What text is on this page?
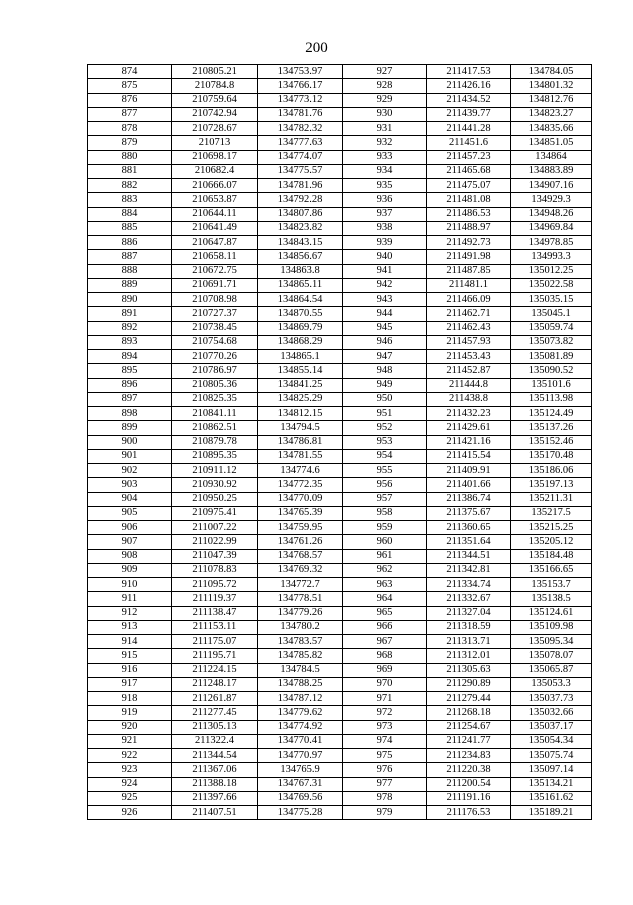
200
874	210805.21	134753.97	927	211417.53	134784.05
875	210784.8	134766.17	928	211426.16	134801.32
876	210759.64	134773.12	929	211434.52	134812.76
877	210742.94	134781.76	930	211439.77	134823.27
878	210728.67	134782.32	931	211441.28	134835.66
879	210713	134777.63	932	211451.6	134851.05
880	210698.17	134774.07	933	211457.23	134864
881	210682.4	134775.57	934	211465.68	134883.89
882	210666.07	134781.96	935	211475.07	134907.16
883	210653.87	134792.28	936	211481.08	134929.3
884	210644.11	134807.86	937	211486.53	134948.26
885	210641.49	134823.82	938	211488.97	134969.84
886	210647.87	134843.15	939	211492.73	134978.85
887	210658.11	134856.67	940	211491.98	134993.3
888	210672.75	134863.8	941	211487.85	135012.25
889	210691.71	134865.11	942	211481.1	135022.58
890	210708.98	134864.54	943	211466.09	135035.15
891	210727.37	134870.55	944	211462.71	135045.1
892	210738.45	134869.79	945	211462.43	135059.74
893	210754.68	134868.29	946	211457.93	135073.82
894	210770.26	134865.1	947	211453.43	135081.89
895	210786.97	134855.14	948	211452.87	135090.52
896	210805.36	134841.25	949	211444.8	135101.6
897	210825.35	134825.29	950	211438.8	135113.98
898	210841.11	134812.15	951	211432.23	135124.49
899	210862.51	134794.5	952	211429.61	135137.26
900	210879.78	134786.81	953	211421.16	135152.46
901	210895.35	134781.55	954	211415.54	135170.48
902	210911.12	134774.6	955	211409.91	135186.06
903	210930.92	134772.35	956	211401.66	135197.13
904	210950.25	134770.09	957	211386.74	135211.31
905	210975.41	134765.39	958	211375.67	135217.5
906	211007.22	134759.95	959	211360.65	135215.25
907	211022.99	134761.26	960	211351.64	135205.12
908	211047.39	134768.57	961	211344.51	135184.48
909	211078.83	134769.32	962	211342.81	135166.65
910	211095.72	134772.7	963	211334.74	135153.7
911	211119.37	134778.51	964	211332.67	135138.5
912	211138.47	134779.26	965	211327.04	135124.61
913	211153.11	134780.2	966	211318.59	135109.98
914	211175.07	134783.57	967	211313.71	135095.34
915	211195.71	134785.82	968	211312.01	135078.07
916	211224.15	134784.5	969	211305.63	135065.87
917	211248.17	134788.25	970	211290.89	135053.3
918	211261.87	134787.12	971	211279.44	135037.73
919	211277.45	134779.62	972	211268.18	135032.66
920	211305.13	134774.92	973	211254.67	135037.17
921	211322.4	134770.41	974	211241.77	135054.34
922	211344.54	134770.97	975	211234.83	135075.74
923	211367.06	134765.9	976	211220.38	135097.14
924	211388.18	134767.31	977	211200.54	135134.21
925	211397.66	134769.56	978	211191.16	135161.62
926	211407.51	134775.28	979	211176.53	135189.21
